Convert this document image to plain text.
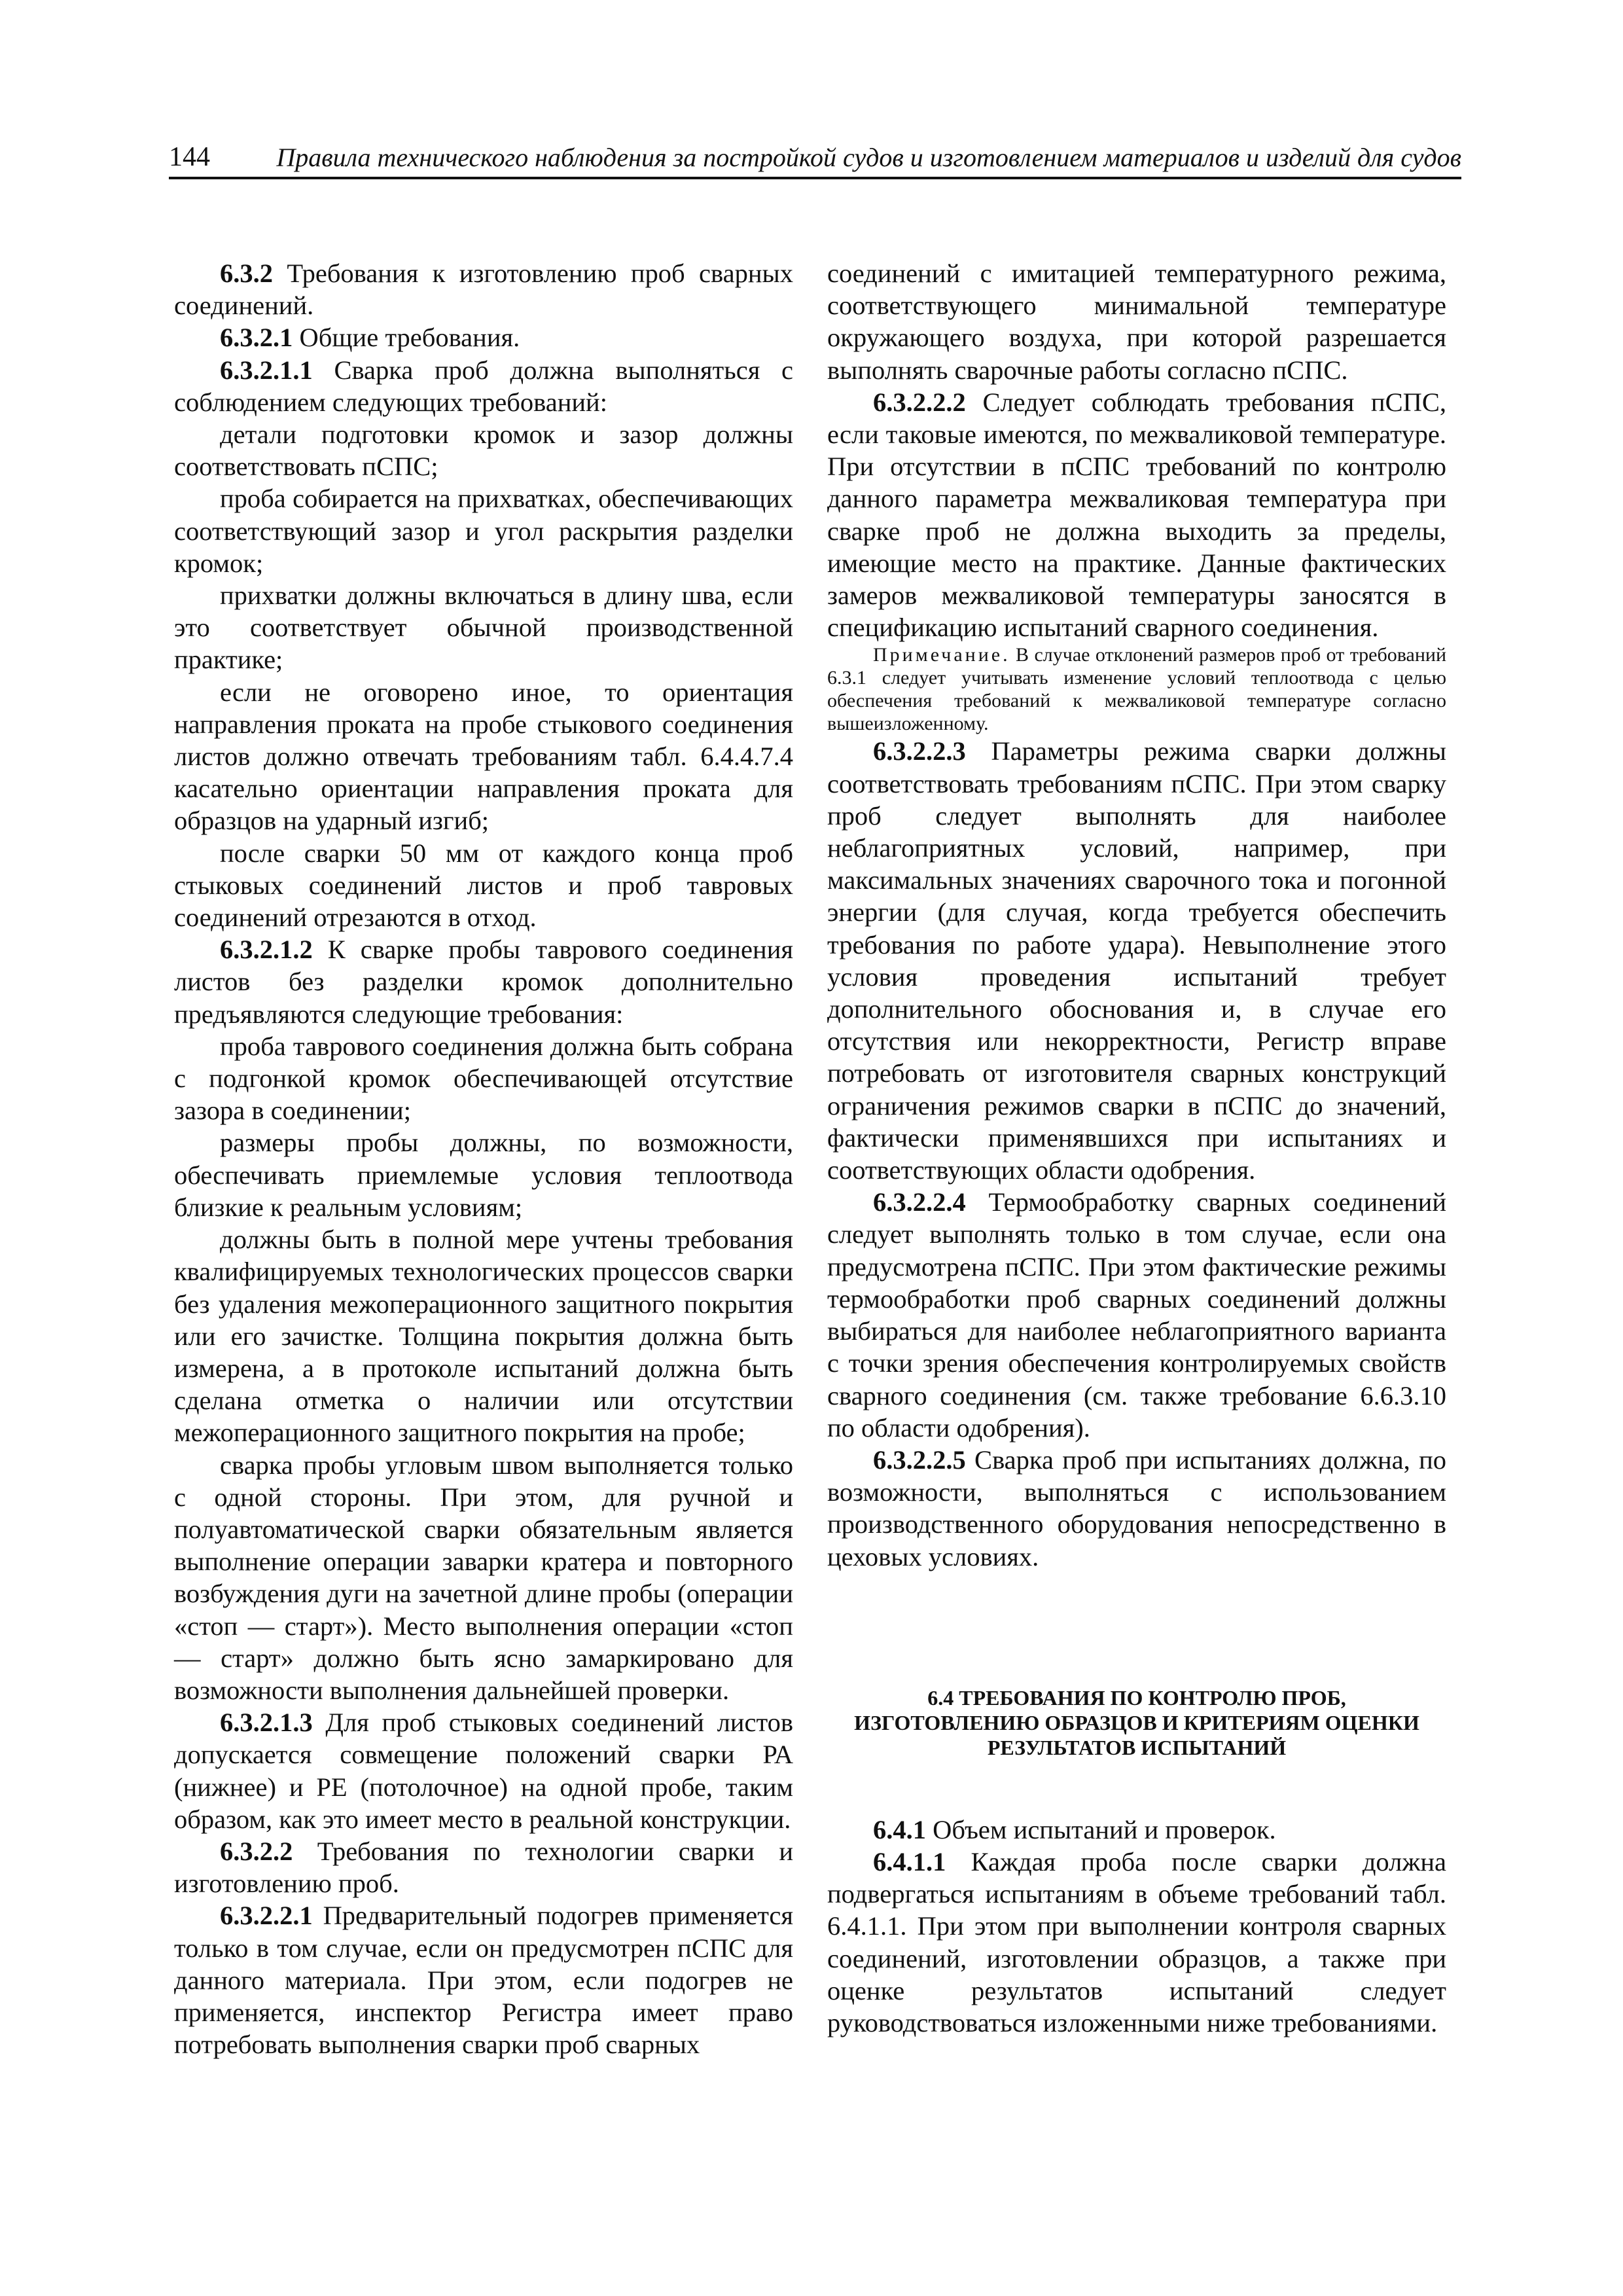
144	Правила технического наблюдения за постройкой судов и изготовлением материалов и изделий для судов

6.3.2 Требования к изготовлению проб сварных соединений.

6.3.2.1 Общие требования.

6.3.2.1.1 Сварка проб должна выполняться с соблюдением следующих требований:

детали подготовки кромок и зазор должны соответствовать пСПС;

проба собирается на прихватках, обеспечивающих соответствующий зазор и угол раскрытия разделки кромок;

прихватки должны включаться в длину шва, если это соответствует обычной производственной практике;

если не оговорено иное, то ориентация направления проката на пробе стыкового соединения листов должно отвечать требованиям табл. 6.4.4.7.4 касательно ориентации направления проката для образцов на ударный изгиб;

после сварки 50 мм от каждого конца проб стыковых соединений листов и проб тавровых соединений отрезаются в отход.

6.3.2.1.2 К сварке пробы таврового соединения листов без разделки кромок дополнительно предъявляются следующие требования:

проба таврового соединения должна быть собрана с подгонкой кромок обеспечивающей отсутствие зазора в соединении;

размеры пробы должны, по возможности, обеспечивать приемлемые условия теплоотвода близкие к реальным условиям;

должны быть в полной мере учтены требования квалифицируемых технологических процессов сварки без удаления межоперационного защитного покрытия или его зачистке. Толщина покрытия должна быть измерена, а в протоколе испытаний должна быть сделана отметка о наличии или отсутствии межоперационного защитного покрытия на пробе;

сварка пробы угловым швом выполняется только с одной стороны. При этом, для ручной и полуавтоматической сварки обязательным является выполнение операции заварки кратера и повторного возбуждения дуги на зачетной длине пробы (операции «стоп — старт»). Место выполнения операции «стоп — старт» должно быть ясно замаркировано для возможности выполнения дальнейшей проверки.

6.3.2.1.3 Для проб стыковых соединений листов допускается совмещение положений сварки РА (нижнее) и РЕ (потолочное) на одной пробе, таким образом, как это имеет место в реальной конструкции.

6.3.2.2 Требования по технологии сварки и изготовлению проб.

6.3.2.2.1 Предварительный подогрев применяется только в том случае, если он предусмотрен пСПС для данного материала. При этом, если подогрев не применяется, инспектор Регистра имеет право потребовать выполнения сварки проб сварных

соединений с имитацией температурного режима, соответствующего минимальной температуре окружающего воздуха, при которой разрешается выполнять сварочные работы согласно пСПС.

6.3.2.2.2 Следует соблюдать требования пСПС, если таковые имеются, по межваликовой температуре. При отсутствии в пСПС требований по контролю данного параметра межваликовая температура при сварке проб не должна выходить за пределы, имеющие место на практике. Данные фактических замеров межваликовой температуры заносятся в спецификацию испытаний сварного соединения.

Примечание. В случае отклонений размеров проб от требований 6.3.1 следует учитывать изменение условий теплоотвода с целью обеспечения требований к межваликовой температуре согласно вышеизложенному.

6.3.2.2.3 Параметры режима сварки должны соответствовать требованиям пСПС. При этом сварку проб следует выполнять для наиболее неблагоприятных условий, например, при максимальных значениях сварочного тока и погонной энергии (для случая, когда требуется обеспечить требования по работе удара). Невыполнение этого условия проведения испытаний требует дополнительного обоснования и, в случае его отсутствия или некорректности, Регистр вправе потребовать от изготовителя сварных конструкций ограничения режимов сварки в пСПС до значений, фактически применявшихся при испытаниях и соответствующих области одобрения.

6.3.2.2.4 Термообработку сварных соединений следует выполнять только в том случае, если она предусмотрена пСПС. При этом фактические режимы термообработки проб сварных соединений должны выбираться для наиболее неблагоприятного варианта с точки зрения обеспечения контролируемых свойств сварного соединения (см. также требование 6.6.3.10 по области одобрения).

6.3.2.2.5 Сварка проб при испытаниях должна, по возможности, выполняться с использованием производственного оборудования непосредственно в цеховых условиях.

6.4 ТРЕБОВАНИЯ ПО КОНТРОЛЮ ПРОБ,
ИЗГОТОВЛЕНИЮ ОБРАЗЦОВ И КРИТЕРИЯМ ОЦЕНКИ
РЕЗУЛЬТАТОВ ИСПЫТАНИЙ

6.4.1 Объем испытаний и проверок.

6.4.1.1 Каждая проба после сварки должна подвергаться испытаниям в объеме требований табл. 6.4.1.1. При этом при выполнении контроля сварных соединений, изготовлении образцов, а также при оценке результатов испытаний следует руководствоваться изложенными ниже требованиями.
